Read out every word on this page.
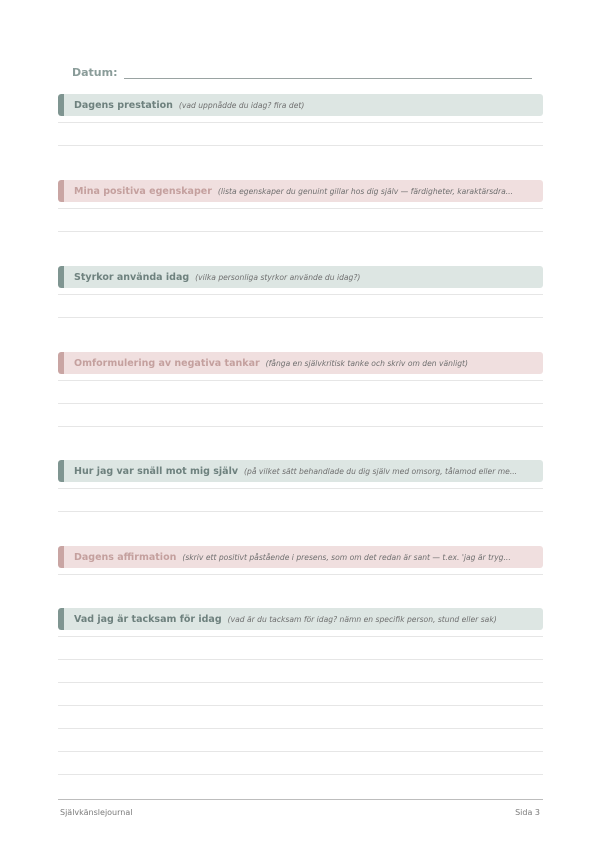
Datum:
Dagens prestation (vad uppnådde du idag? fira det)
Mina positiva egenskaper (lista egenskaper du genuint gillar hos dig själv — färdigheter, karaktärsdra...
Styrkor använda idag (vilka personliga styrkor använde du idag?)
Omformulering av negativa tankar (fånga en självkritisk tanke och skriv om den vänligt)
Hur jag var snäll mot mig själv (på vilket sätt behandlade du dig själv med omsorg, tålamod eller me...
Dagens affirmation (skriv ett positivt påstående i presens, som om det redan är sant — t.ex. 'jag är tryg...
Vad jag är tacksam för idag (vad är du tacksam för idag? nämn en specifik person, stund eller sak)
Självkänslejournal	Sida 3
